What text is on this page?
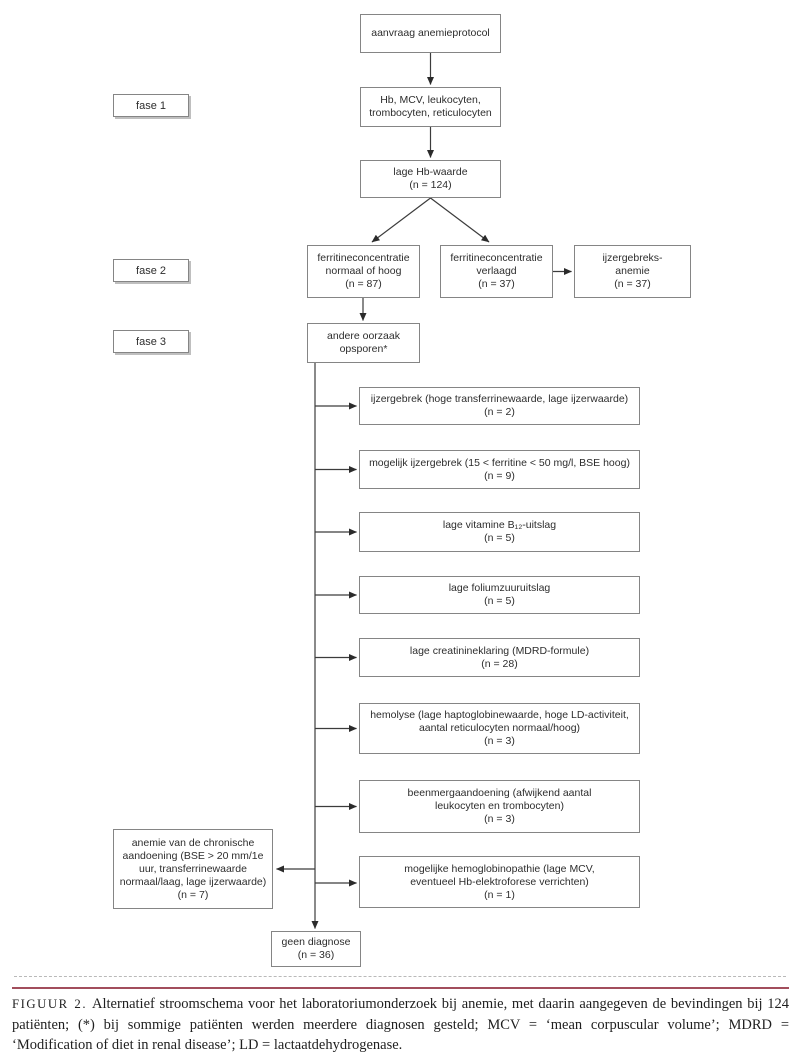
fase 1
fase 2
fase 3
aanvraag anemieprotocol
Hb, MCV, leukocyten,
trombocyten, reticulocyten
lage Hb-waarde
(n = 124)
ferritineconcentratie
normaal of hoog
(n = 87)
ferritineconcentratie
verlaagd
(n = 37)
ijzergebreks-
anemie
(n = 37)
andere oorzaak
opsporen*
ijzergebrek (hoge transferrinewaarde, lage ijzerwaarde)
(n = 2)
mogelijk ijzergebrek (15 < ferritine < 50 mg/l, BSE hoog)
(n = 9)
lage vitamine B₁₂-uitslag
(n = 5)
lage foliumzuuruitslag
(n = 5)
lage creatinineklaring (MDRD-formule)
(n = 28)
hemolyse (lage haptoglobinewaarde, hoge LD-activiteit,
aantal reticulocyten normaal/hoog)
(n = 3)
beenmergaandoening (afwijkend aantal
leukocyten en trombocyten)
(n = 3)
mogelijke hemoglobinopathie (lage MCV,
eventueel Hb-elektroforese verrichten)
(n = 1)
anemie van de chronische
aandoening (BSE > 20 mm/1e
uur, transferrinewaarde
normaal/laag, lage ijzerwaarde)
(n = 7)
geen diagnose
(n = 36)
FIGUUR 2. Alternatief stroomschema voor het laboratoriumonderzoek bij anemie, met daarin aangegeven de bevindingen bij 124 patiënten; (*) bij sommige patiënten werden meerdere diagnosen gesteld; MCV = ‘mean corpuscular volume’; MDRD = ‘Modification of diet in renal disease’; LD = lactaatdehydrogenase.
